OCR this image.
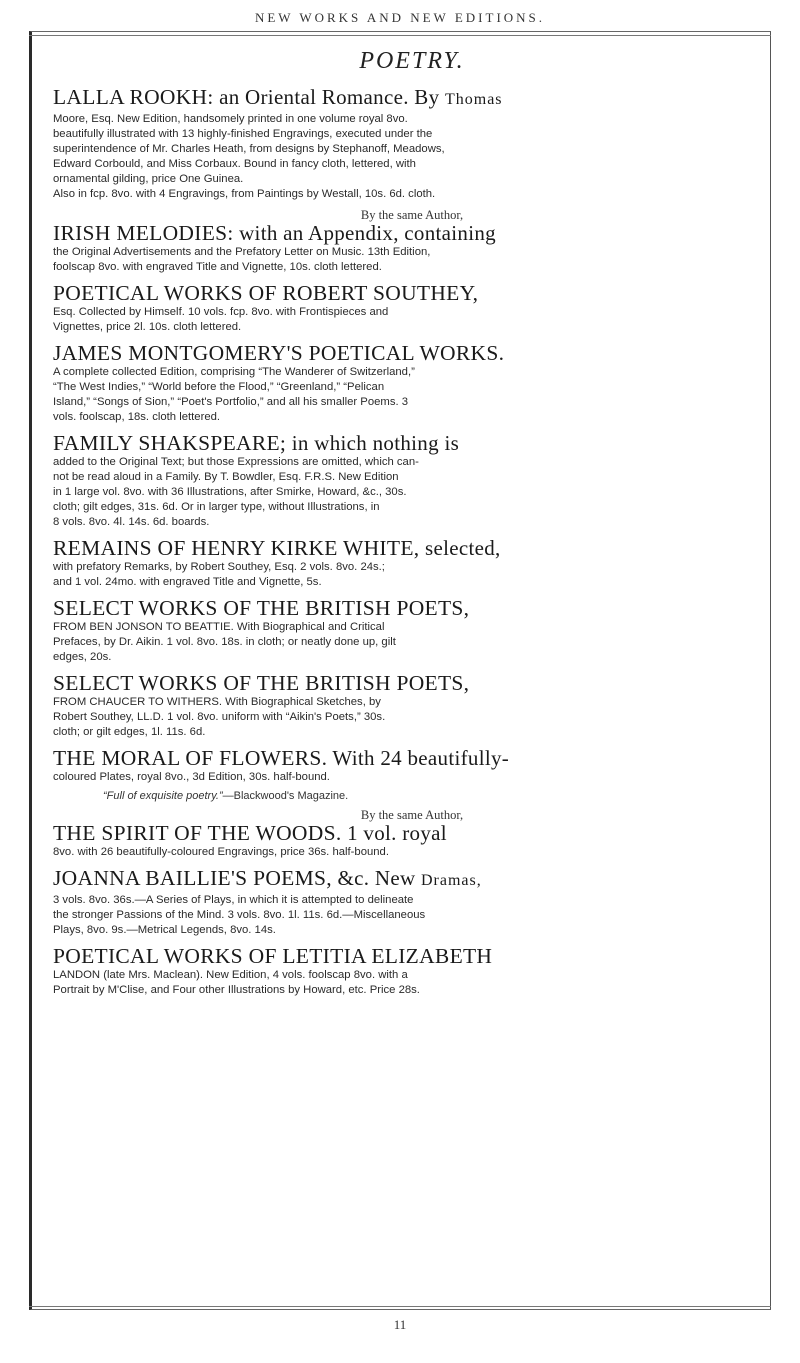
NEW WORKS AND NEW EDITIONS.
POETRY.
LALLA ROOKH: an Oriental Romance. By Thomas
Moore, Esq. New Edition, handsomely printed in one volume royal 8vo.
beautifully illustrated with 13 highly-finished Engravings, executed under the
superintendence of Mr. Charles Heath, from designs by Stephanoff, Meadows,
Edward Corbould, and Miss Corbaux. Bound in fancy cloth, lettered, with
ornamental gilding, price One Guinea.
Also in fcp. 8vo. with 4 Engravings, from Paintings by Westall, 10s. 6d. cloth.
By the same Author,
IRISH MELODIES: with an Appendix, containing
the Original Advertisements and the Prefatory Letter on Music. 13th Edition,
foolscap 8vo. with engraved Title and Vignette, 10s. cloth lettered.
POETICAL WORKS OF ROBERT SOUTHEY,
Esq. Collected by Himself. 10 vols. fcp. 8vo. with Frontispieces and
Vignettes, price 2l. 10s. cloth lettered.
JAMES MONTGOMERY'S POETICAL WORKS.
A complete collected Edition, comprising “The Wanderer of Switzerland,”
“The West Indies,” “World before the Flood,” “Greenland,” “Pelican
Island,” “Songs of Sion,” “Poet's Portfolio,” and all his smaller Poems. 3
vols. foolscap, 18s. cloth lettered.
FAMILY SHAKSPEARE; in which nothing is
added to the Original Text; but those Expressions are omitted, which can-
not be read aloud in a Family. By T. Bowdler, Esq. F.R.S. New Edition
in 1 large vol. 8vo. with 36 Illustrations, after Smirke, Howard, &c., 30s.
cloth; gilt edges, 31s. 6d. Or in larger type, without Illustrations, in
8 vols. 8vo. 4l. 14s. 6d. boards.
REMAINS OF HENRY KIRKE WHITE, selected,
with prefatory Remarks, by Robert Southey, Esq. 2 vols. 8vo. 24s.;
and 1 vol. 24mo. with engraved Title and Vignette, 5s.
SELECT WORKS OF THE BRITISH POETS,
FROM BEN JONSON TO BEATTIE. With Biographical and Critical
Prefaces, by Dr. Aikin. 1 vol. 8vo. 18s. in cloth; or neatly done up, gilt
edges, 20s.
SELECT WORKS OF THE BRITISH POETS,
FROM CHAUCER TO WITHERS. With Biographical Sketches, by
Robert Southey, LL.D. 1 vol. 8vo. uniform with “Aikin's Poets,” 30s.
cloth; or gilt edges, 1l. 11s. 6d.
THE MORAL OF FLOWERS. With 24 beautifully-
coloured Plates, royal 8vo., 3d Edition, 30s. half-bound.
“Full of exquisite poetry.”—Blackwood's Magazine.
By the same Author,
THE SPIRIT OF THE WOODS. 1 vol. royal
8vo. with 26 beautifully-coloured Engravings, price 36s. half-bound.
JOANNA BAILLIE'S POEMS, &c. New Dramas,
3 vols. 8vo. 36s.—A Series of Plays, in which it is attempted to delineate
the stronger Passions of the Mind. 3 vols. 8vo. 1l. 11s. 6d.—Miscellaneous
Plays, 8vo. 9s.—Metrical Legends, 8vo. 14s.
POETICAL WORKS OF LETITIA ELIZABETH
LANDON (late Mrs. Maclean). New Edition, 4 vols. foolscap 8vo. with a
Portrait by M'Clise, and Four other Illustrations by Howard, etc. Price 28s.
11
